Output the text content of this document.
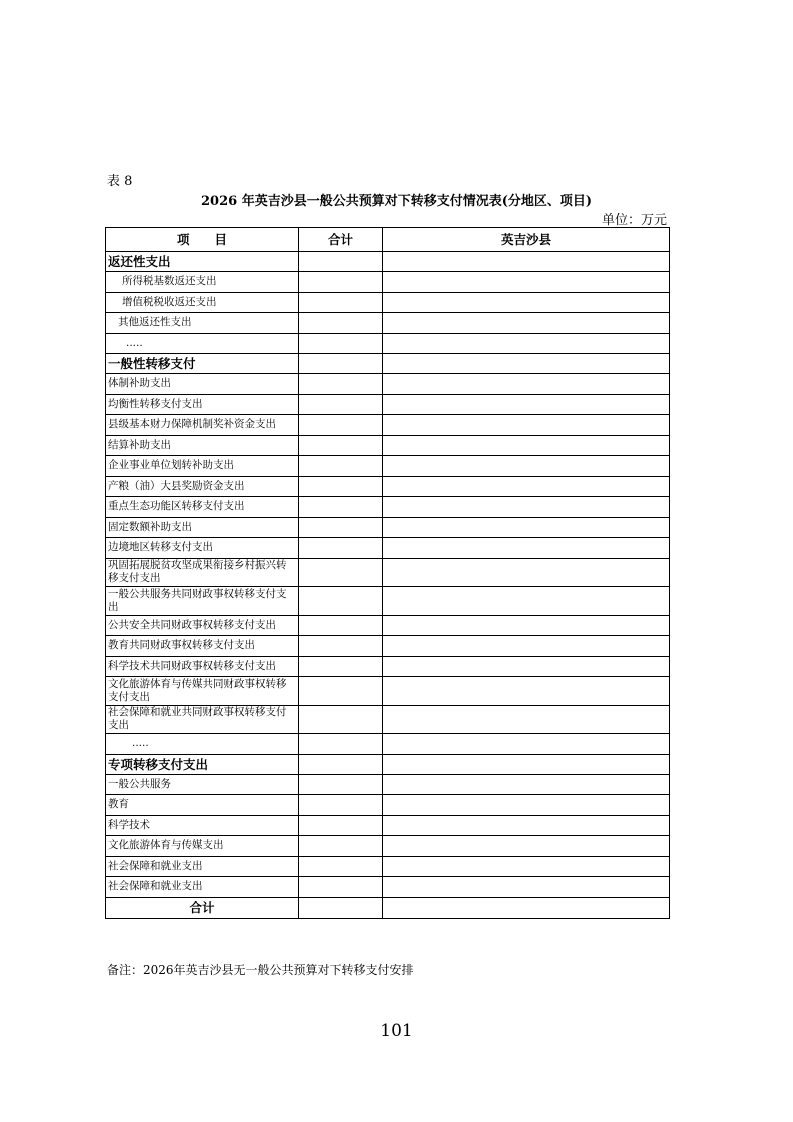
表 8
2026 年英吉沙县一般公共预算对下转移支付情况表(分地区、项目)
单位：万元
项　　目	合计	英吉沙县
返还性支出		
所得税基数返还支出		
增值税税收返还支出		
其他返还性支出		
.....		
一般性转移支付		
体制补助支出		
均衡性转移支付支出		
县级基本财力保障机制奖补资金支出		
结算补助支出		
企业事业单位划转补助支出		
产粮（油）大县奖励资金支出		
重点生态功能区转移支付支出		
固定数额补助支出		
边境地区转移支付支出		
巩固拓展脱贫攻坚成果衔接乡村振兴转移支付支出		
一般公共服务共同财政事权转移支付支出		
公共安全共同财政事权转移支付支出		
教育共同财政事权转移支付支出		
科学技术共同财政事权转移支付支出		
文化旅游体育与传媒共同财政事权转移支付支出		
社会保障和就业共同财政事权转移支付支出		
.....		
专项转移支付支出		
一般公共服务		
教育		
科学技术		
文化旅游体育与传媒支出		
社会保障和就业支出		
社会保障和就业支出		
合计		
备注：2026年英吉沙县无一般公共预算对下转移支付安排
101
